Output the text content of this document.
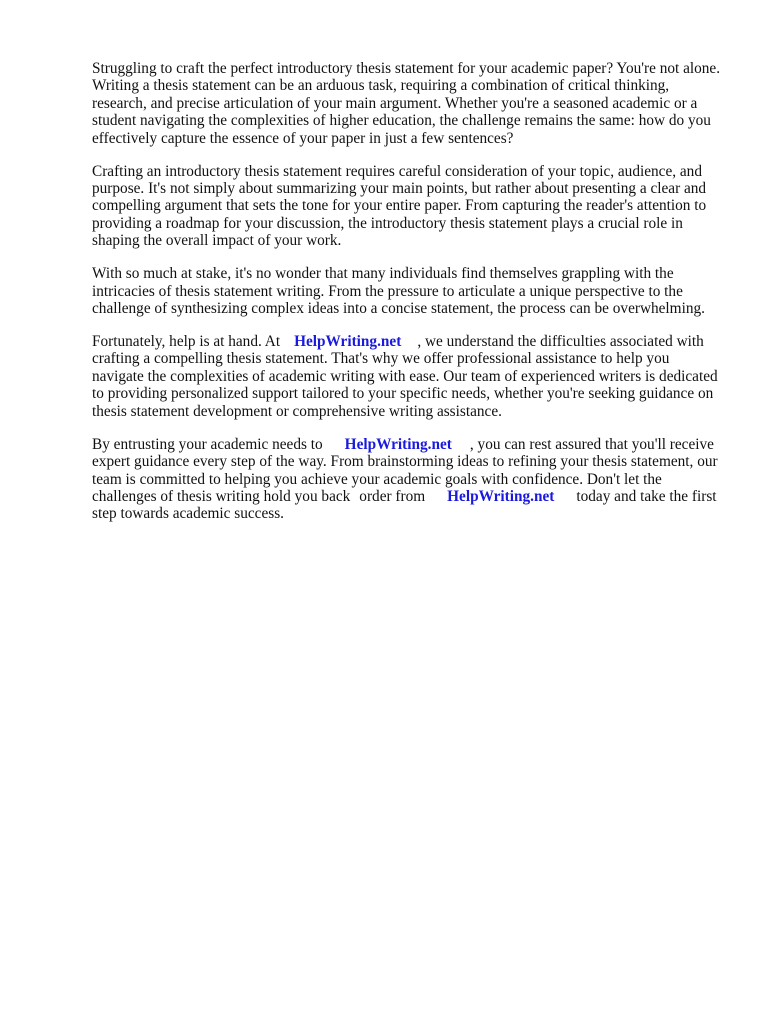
Struggling to craft the perfect introductory thesis statement for your academic paper? You're not alone. Writing a thesis statement can be an arduous task, requiring a combination of critical thinking, research, and precise articulation of your main argument. Whether you're a seasoned academic or a student navigating the complexities of higher education, the challenge remains the same: how do you effectively capture the essence of your paper in just a few sentences?

Crafting an introductory thesis statement requires careful consideration of your topic, audience, and purpose. It's not simply about summarizing your main points, but rather about presenting a clear and compelling argument that sets the tone for your entire paper. From capturing the reader's attention to providing a roadmap for your discussion, the introductory thesis statement plays a crucial role in shaping the overall impact of your work.

With so much at stake, it's no wonder that many individuals find themselves grappling with the intricacies of thesis statement writing. From the pressure to articulate a unique perspective to the challenge of synthesizing complex ideas into a concise statement, the process can be overwhelming.

Fortunately, help is at hand. At HelpWriting.net , we understand the difficulties associated with crafting a compelling thesis statement. That's why we offer professional assistance to help you navigate the complexities of academic writing with ease. Our team of experienced writers is dedicated to providing personalized support tailored to your specific needs, whether you're seeking guidance on thesis statement development or comprehensive writing assistance.

By entrusting your academic needs to HelpWriting.net , you can rest assured that you'll receive expert guidance every step of the way. From brainstorming ideas to refining your thesis statement, our team is committed to helping you achieve your academic goals with confidence. Don't let the challenges of thesis writing hold you back order from HelpWriting.net today and take the first step towards academic success.
